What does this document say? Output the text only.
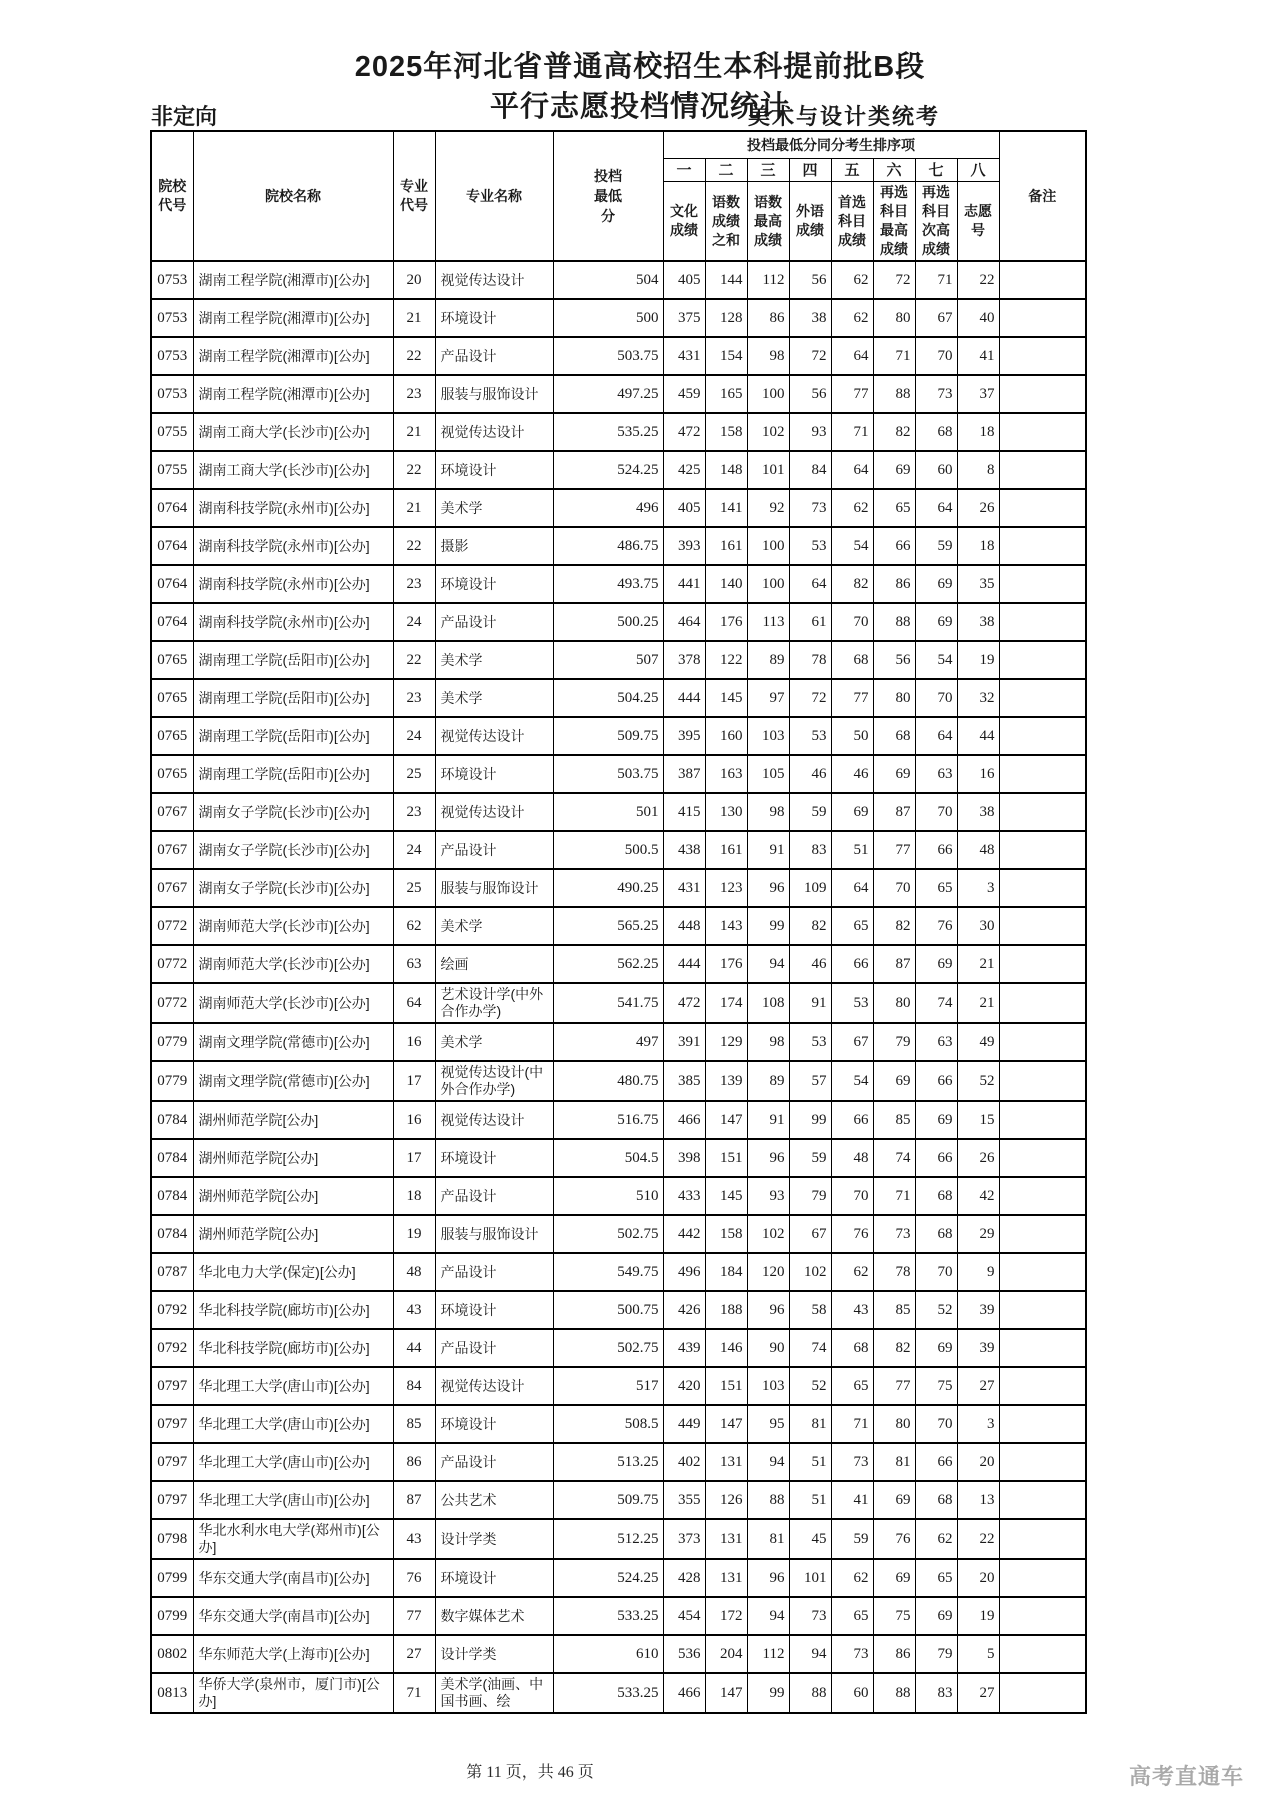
2025年河北省普通高校招生本科提前批B段
平行志愿投档情况统计
非定向	美术与设计类统考
院校代号	院校名称	专业代号	专业名称	投档最低分	投档最低分同分考生排序项								备注
					一	二	三	四	五	六	七	八	
					文化成绩	语数成绩之和	语数最高成绩	外语成绩	首选科目成绩	再选科目最高成绩	再选科目次高成绩	志愿号	
0753	湖南工程学院(湘潭市)[公办]	20	视觉传达设计	504	405	144	112	56	62	72	71	22	
0753	湖南工程学院(湘潭市)[公办]	21	环境设计	500	375	128	86	38	62	80	67	40	
0753	湖南工程学院(湘潭市)[公办]	22	产品设计	503.75	431	154	98	72	64	71	70	41	
0753	湖南工程学院(湘潭市)[公办]	23	服装与服饰设计	497.25	459	165	100	56	77	88	73	37	
0755	湖南工商大学(长沙市)[公办]	21	视觉传达设计	535.25	472	158	102	93	71	82	68	18	
0755	湖南工商大学(长沙市)[公办]	22	环境设计	524.25	425	148	101	84	64	69	60	8	
0764	湖南科技学院(永州市)[公办]	21	美术学	496	405	141	92	73	62	65	64	26	
0764	湖南科技学院(永州市)[公办]	22	摄影	486.75	393	161	100	53	54	66	59	18	
0764	湖南科技学院(永州市)[公办]	23	环境设计	493.75	441	140	100	64	82	86	69	35	
0764	湖南科技学院(永州市)[公办]	24	产品设计	500.25	464	176	113	61	70	88	69	38	
0765	湖南理工学院(岳阳市)[公办]	22	美术学	507	378	122	89	78	68	56	54	19	
0765	湖南理工学院(岳阳市)[公办]	23	美术学	504.25	444	145	97	72	77	80	70	32	
0765	湖南理工学院(岳阳市)[公办]	24	视觉传达设计	509.75	395	160	103	53	50	68	64	44	
0765	湖南理工学院(岳阳市)[公办]	25	环境设计	503.75	387	163	105	46	46	69	63	16	
0767	湖南女子学院(长沙市)[公办]	23	视觉传达设计	501	415	130	98	59	69	87	70	38	
0767	湖南女子学院(长沙市)[公办]	24	产品设计	500.5	438	161	91	83	51	77	66	48	
0767	湖南女子学院(长沙市)[公办]	25	服装与服饰设计	490.25	431	123	96	109	64	70	65	3	
0772	湖南师范大学(长沙市)[公办]	62	美术学	565.25	448	143	99	82	65	82	76	30	
0772	湖南师范大学(长沙市)[公办]	63	绘画	562.25	444	176	94	46	66	87	69	21	
0772	湖南师范大学(长沙市)[公办]	64	艺术设计学(中外合作办学)	541.75	472	174	108	91	53	80	74	21	
0779	湖南文理学院(常德市)[公办]	16	美术学	497	391	129	98	53	67	79	63	49	
0779	湖南文理学院(常德市)[公办]	17	视觉传达设计(中外合作办学)	480.75	385	139	89	57	54	69	66	52	
0784	湖州师范学院[公办]	16	视觉传达设计	516.75	466	147	91	99	66	85	69	15	
0784	湖州师范学院[公办]	17	环境设计	504.5	398	151	96	59	48	74	66	26	
0784	湖州师范学院[公办]	18	产品设计	510	433	145	93	79	70	71	68	42	
0784	湖州师范学院[公办]	19	服装与服饰设计	502.75	442	158	102	67	76	73	68	29	
0787	华北电力大学(保定)[公办]	48	产品设计	549.75	496	184	120	102	62	78	70	9	
0792	华北科技学院(廊坊市)[公办]	43	环境设计	500.75	426	188	96	58	43	85	52	39	
0792	华北科技学院(廊坊市)[公办]	44	产品设计	502.75	439	146	90	74	68	82	69	39	
0797	华北理工大学(唐山市)[公办]	84	视觉传达设计	517	420	151	103	52	65	77	75	27	
0797	华北理工大学(唐山市)[公办]	85	环境设计	508.5	449	147	95	81	71	80	70	3	
0797	华北理工大学(唐山市)[公办]	86	产品设计	513.25	402	131	94	51	73	81	66	20	
0797	华北理工大学(唐山市)[公办]	87	公共艺术	509.75	355	126	88	51	41	69	68	13	
0798	华北水利水电大学(郑州市)[公办]	43	设计学类	512.25	373	131	81	45	59	76	62	22	
0799	华东交通大学(南昌市)[公办]	76	环境设计	524.25	428	131	96	101	62	69	65	20	
0799	华东交通大学(南昌市)[公办]	77	数字媒体艺术	533.25	454	172	94	73	65	75	69	19	
0802	华东师范大学(上海市)[公办]	27	设计学类	610	536	204	112	94	73	86	79	5	
0813	华侨大学(泉州市，厦门市)[公办]	71	美术学(油画、中国书画、绘	533.25	466	147	99	88	60	88	83	27	
第 11 页，共 46 页	高考直通车
